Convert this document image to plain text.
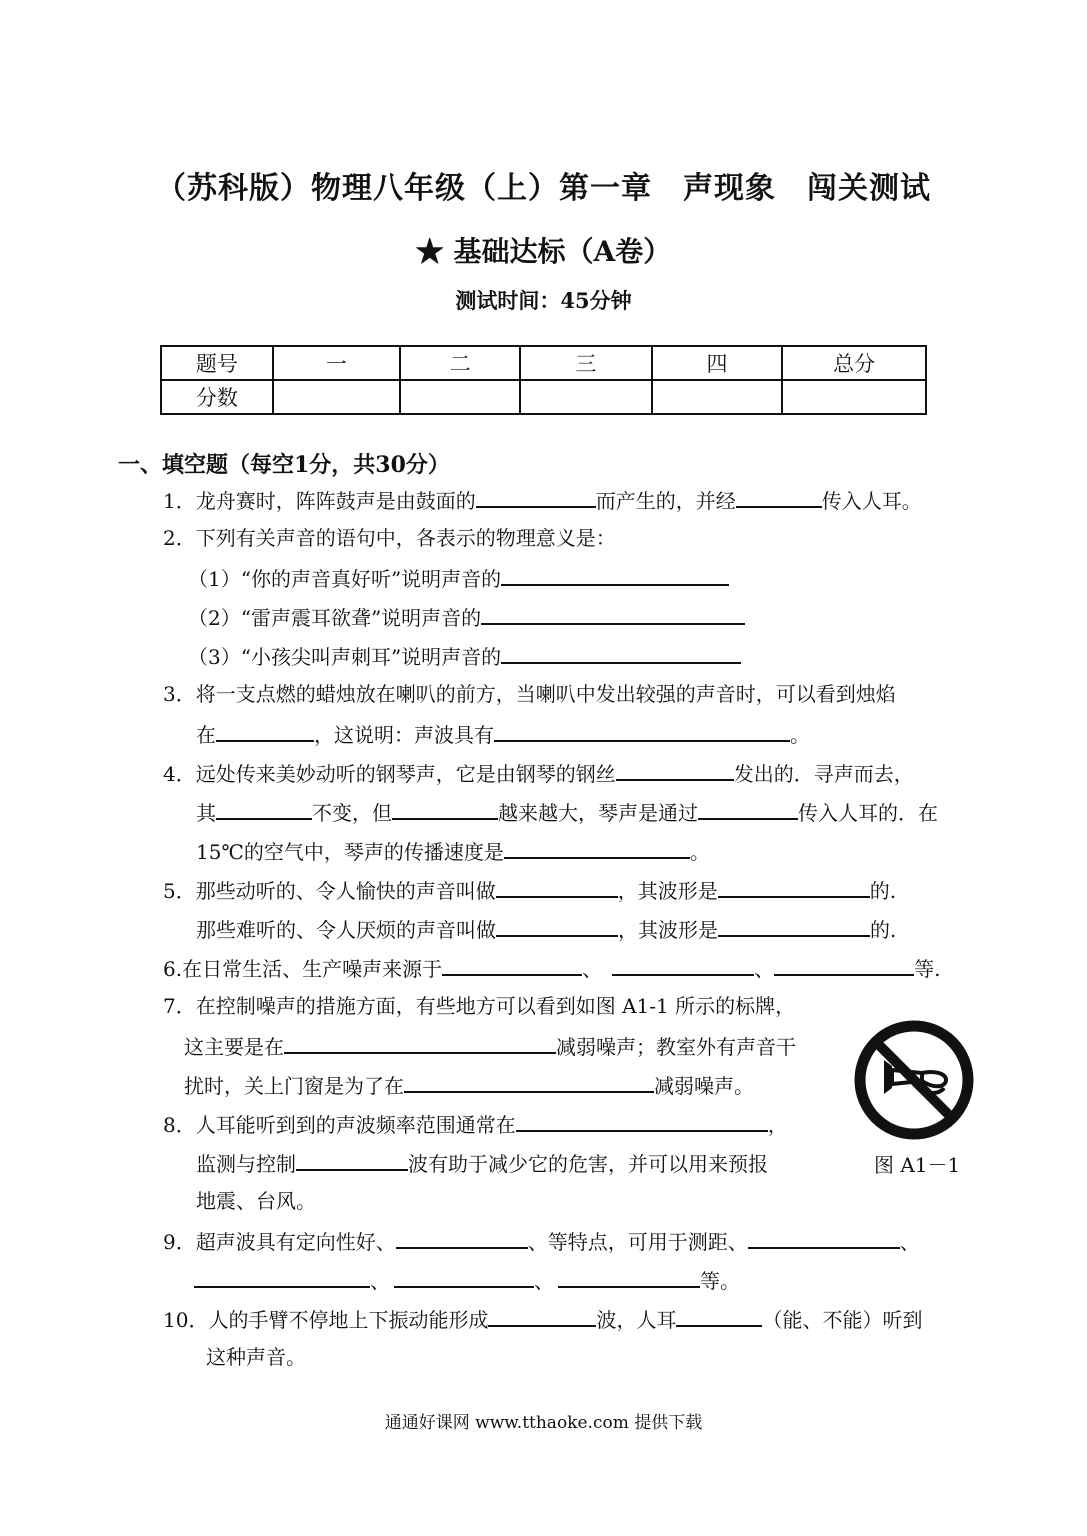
（苏科版）物理八年级（上）第一章　声现象　闯关测试
★ 基础达标（A卷）
测试时间：45分钟
题号	一	二	三	四	总分
分数					
一、填空题（每空1分，共30分）
1．龙舟赛时，阵阵鼓声是由鼓面的	而产生的，并经	传入人耳。
2．下列有关声音的语句中，各表示的物理意义是：
（1）“你的声音真好听”说明声音的
（2）“雷声震耳欲聋”说明声音的
（3）“小孩尖叫声刺耳”说明声音的
3．将一支点燃的蜡烛放在喇叭的前方，当喇叭中发出较强的声音时，可以看到烛焰
在	，这说明：声波具有	。
4．远处传来美妙动听的钢琴声，它是由钢琴的钢丝	发出的．寻声而去，
其	不变，但	越来越大，琴声是通过	传入人耳的．在
15℃的空气中，琴声的传播速度是	。
5．那些动听的、令人愉快的声音叫做	，其波形是	的.
那些难听的、令人厌烦的声音叫做	，其波形是	的.
6.在日常生活、生产噪声来源于	、	、	等.
7．在控制噪声的措施方面，有些地方可以看到如图 A1-1 所示的标牌，
这主要是在	减弱噪声；教室外有声音干
扰时，关上门窗是为了在	减弱噪声。
8．人耳能听到到的声波频率范围通常在	，
监测与控制	波有助于减少它的危害，并可以用来预报
地震、台风。
9．超声波具有定向性好、	、等特点，可用于测距、	、
、	、	等。
10．人的手臂不停地上下振动能形成	波，人耳	（能、不能）听到
这种声音。
图 A1－1
通通好课网 www.tthaoke.com 提供下载
